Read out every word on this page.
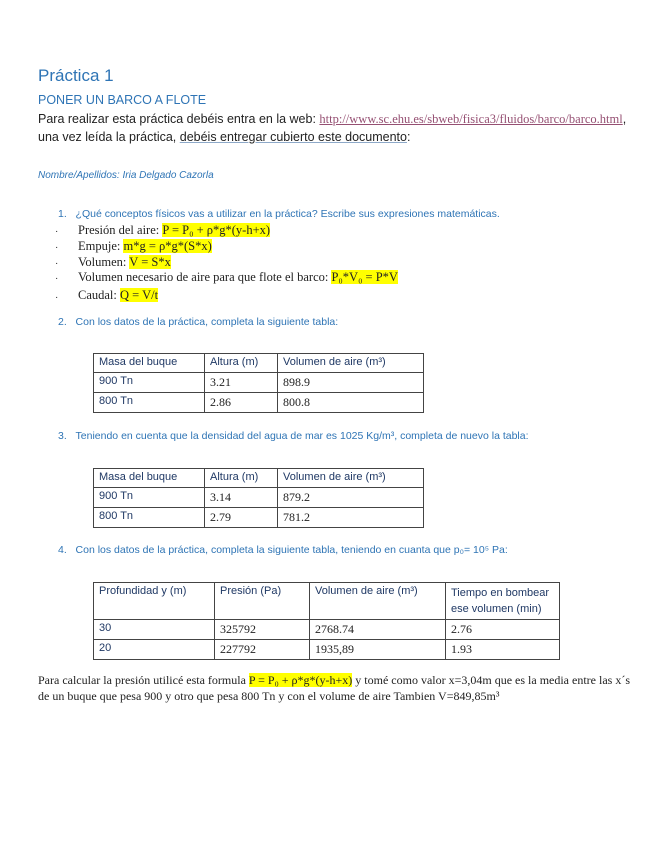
Práctica 1
PONER UN BARCO A FLOTE
Para realizar esta práctica debéis entra en la web: http://www.sc.ehu.es/sbweb/fisica3/fluidos/barco/barco.html,
una vez leída la práctica, debéis entregar cubierto este documento:
Nombre/Apellidos: Iria Delgado Cazorla
1. ¿Qué conceptos físicos vas a utilizar en la práctica? Escribe sus expresiones matemáticas.
· Presión del aire: P = P₀ + ρ*g*(y-h+x)
· Empuje: m*g = ρ*g*(S*x)
· Volumen: V = S*x
· Volumen necesario de aire para que flote el barco: P₀*V₀ = P*V
· Caudal: Q = V/t
2. Con los datos de la práctica, completa la siguiente tabla:
Masa del buque	Altura (m)	Volumen de aire (m³)
900 Tn	3.21	898.9
800 Tn	2.86	800.8
3. Teniendo en cuenta que la densidad del agua de mar es 1025 Kg/m³, completa de nuevo la tabla:
Masa del buque	Altura (m)	Volumen de aire (m³)
900 Tn	3.14	879.2
800 Tn	2.79	781.2
4. Con los datos de la práctica, completa la siguiente tabla, teniendo en cuanta que p₀= 10⁵ Pa:
Profundidad y (m)	Presión (Pa)	Volumen de aire (m³)	Tiempo en bombear ese volumen (min)
30	325792	2768.74	2.76
20	227792	1935,89	1.93
Para calcular la presión utilicé esta formula P = P₀ + ρ*g*(y-h+x) y tomé como valor x=3,04m que es la media entre las x´s
de un buque que pesa 900 y otro que pesa 800 Tn y con el volume de aire Tambien V=849,85m³
